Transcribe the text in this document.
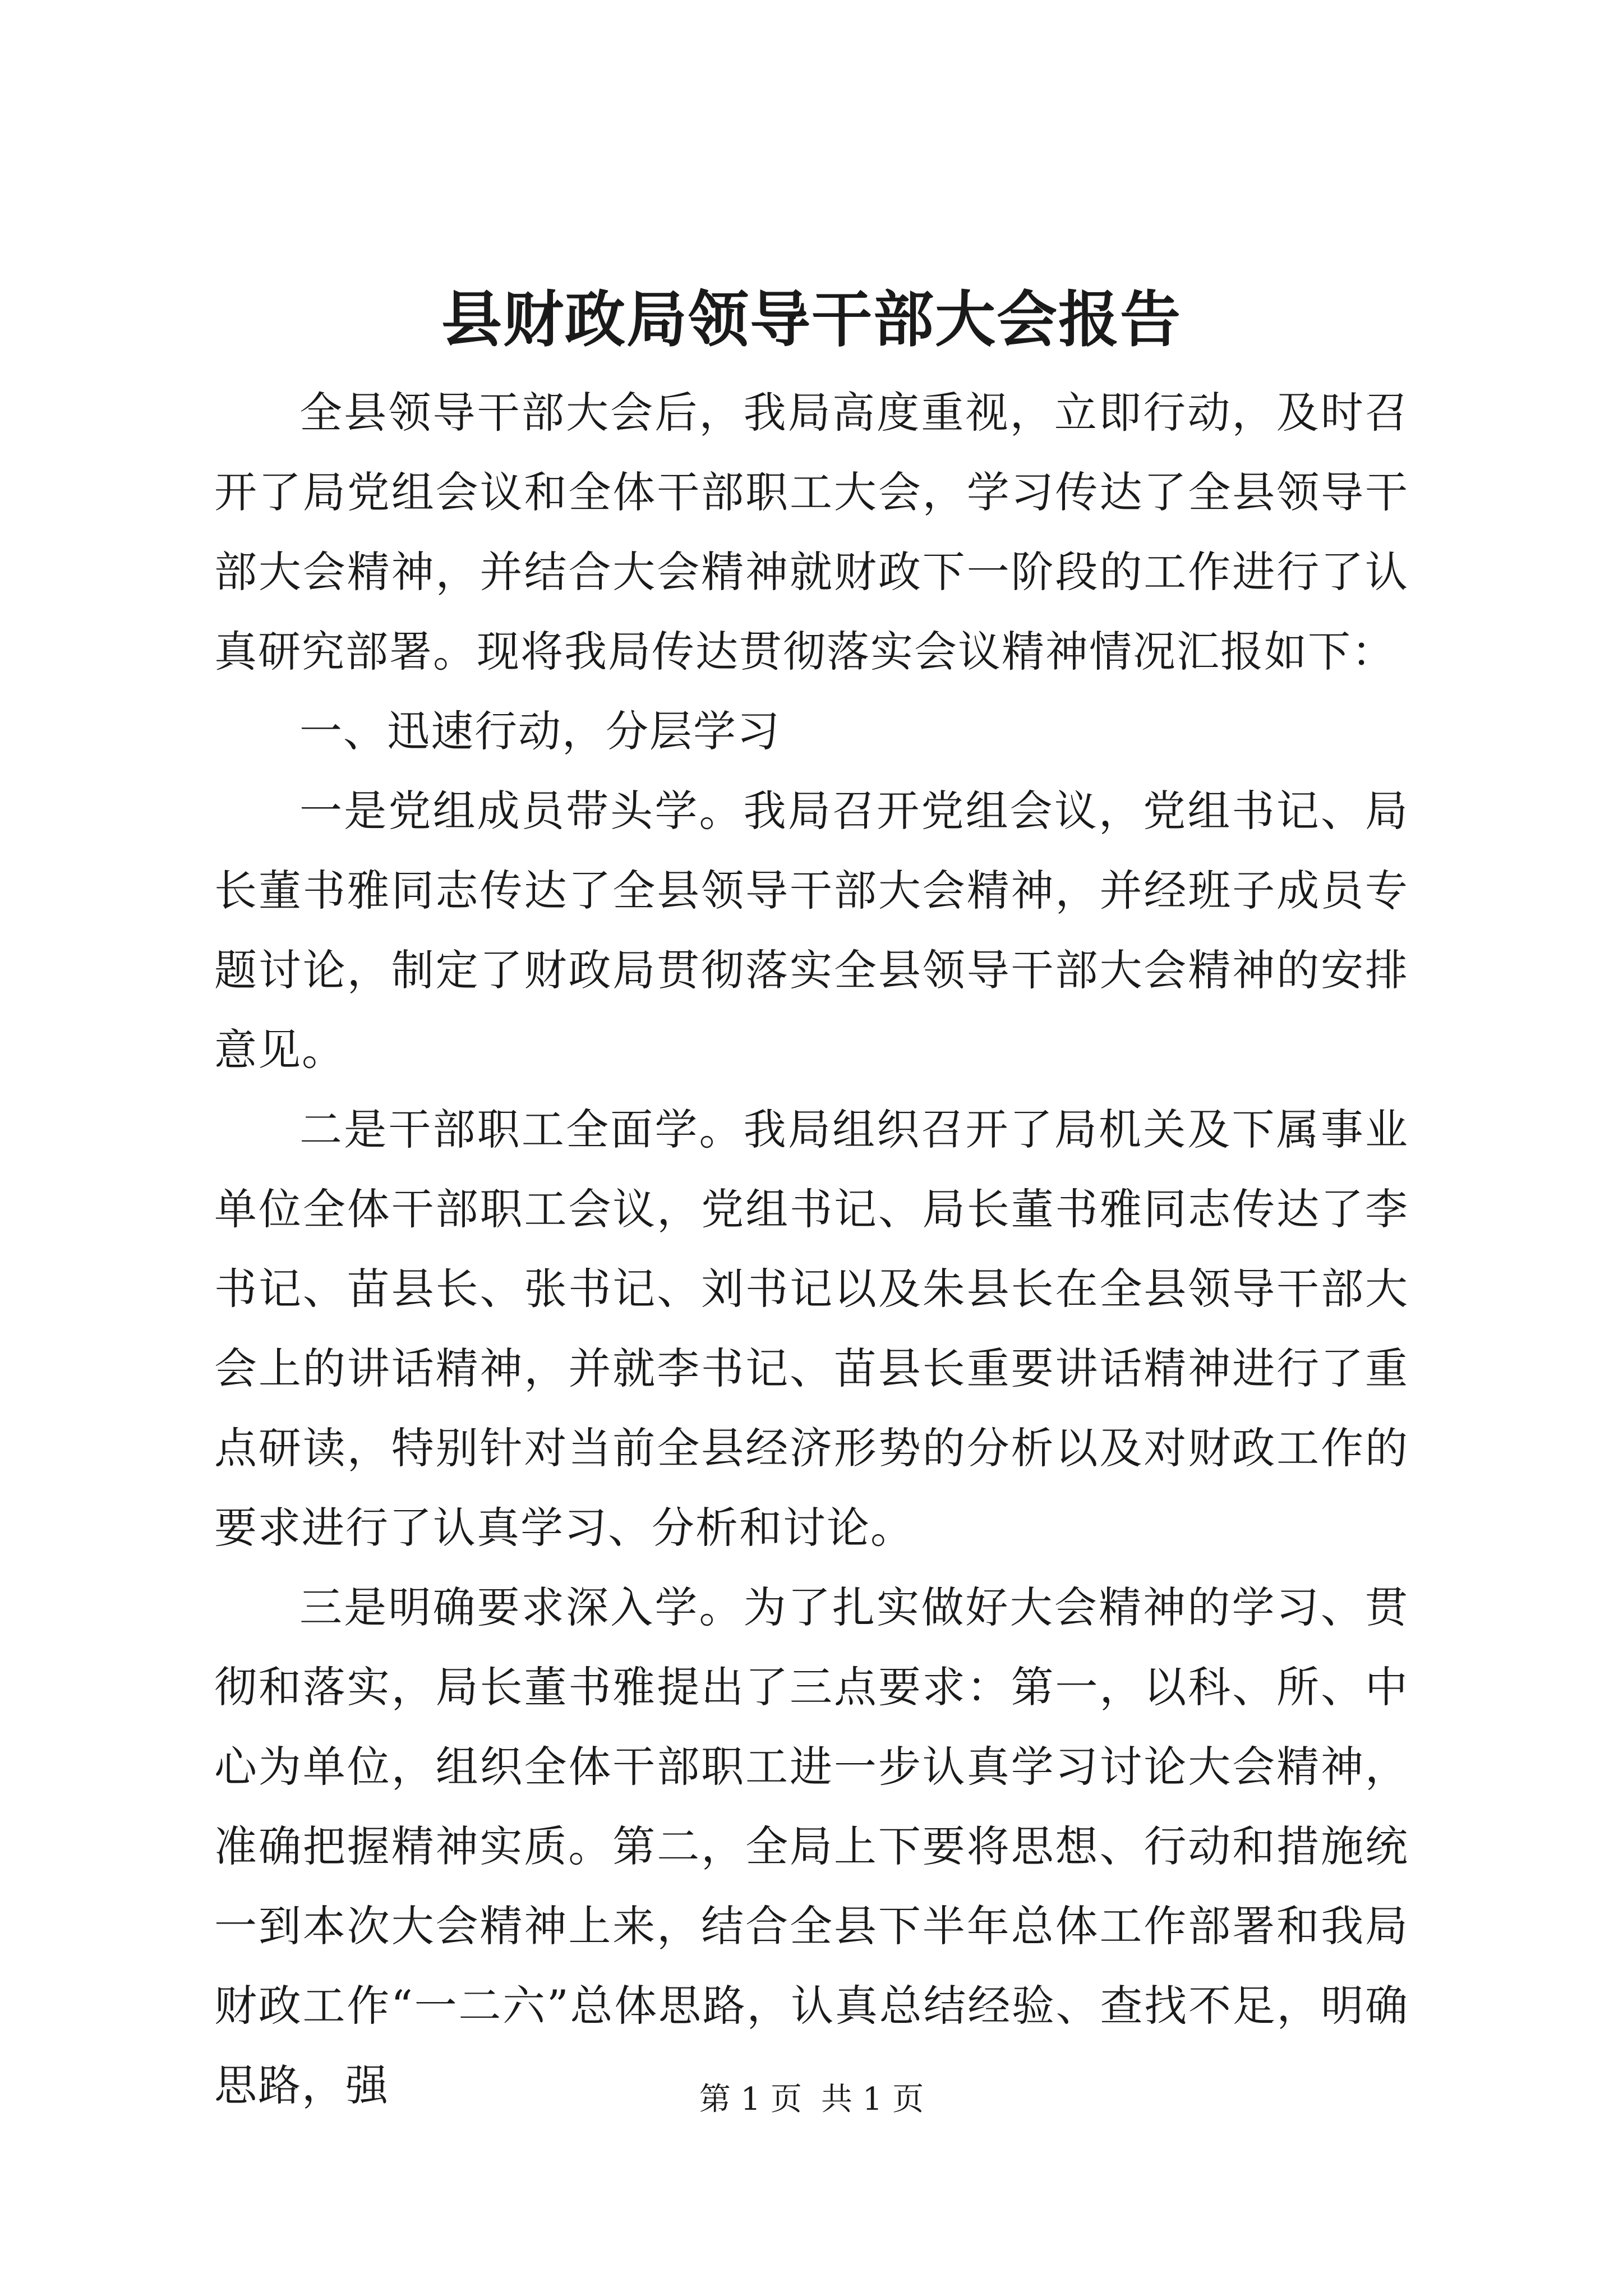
县财政局领导干部大会报告

全县领导干部大会后，我局高度重视，立即行动，及时召开了局党组会议和全体干部职工大会，学习传达了全县领导干部大会精神，并结合大会精神就财政下一阶段的工作进行了认真研究部署。现将我局传达贯彻落实会议精神情况汇报如下：

一、迅速行动，分层学习

一是党组成员带头学。我局召开党组会议，党组书记、局长董书雅同志传达了全县领导干部大会精神，并经班子成员专题讨论，制定了财政局贯彻落实全县领导干部大会精神的安排意见。

二是干部职工全面学。我局组织召开了局机关及下属事业单位全体干部职工会议，党组书记、局长董书雅同志传达了李书记、苗县长、张书记、刘书记以及朱县长在全县领导干部大会上的讲话精神，并就李书记、苗县长重要讲话精神进行了重点研读，特别针对当前全县经济形势的分析以及对财政工作的要求进行了认真学习、分析和讨论。

三是明确要求深入学。为了扎实做好大会精神的学习、贯彻和落实，局长董书雅提出了三点要求：第一，以科、所、中心为单位，组织全体干部职工进一步认真学习讨论大会精神，准确把握精神实质。第二，全局上下要将思想、行动和措施统一到本次大会精神上来，结合全县下半年总体工作部署和我局财政工作“一二六”总体思路，认真总结经验、查找不足，明确思路，强	第 1 页 共 1 页
